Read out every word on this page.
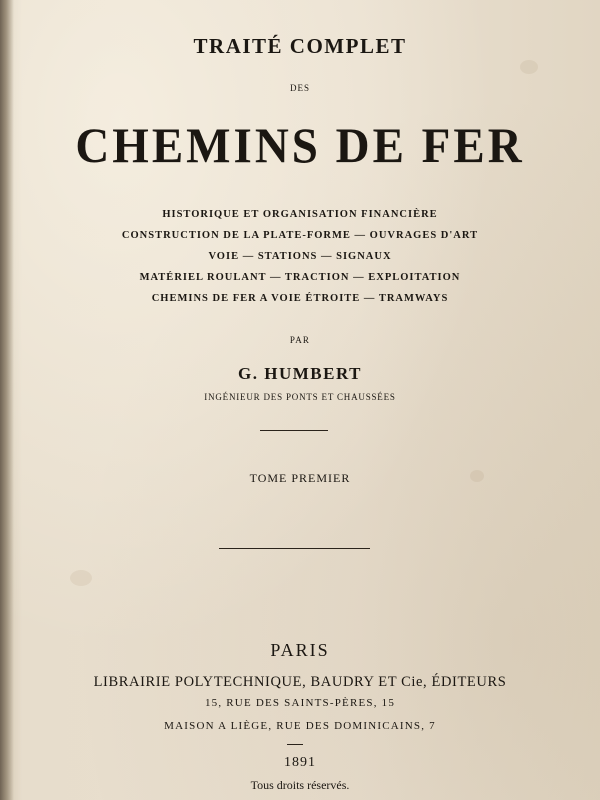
TRAITÉ COMPLET
DES
CHEMINS DE FER
HISTORIQUE ET ORGANISATION FINANCIÈRE
CONSTRUCTION DE LA PLATE-FORME — OUVRAGES D'ART
VOIE — STATIONS — SIGNAUX
MATÉRIEL ROULANT — TRACTION — EXPLOITATION
CHEMINS DE FER A VOIE ÉTROITE — TRAMWAYS
PAR
G. HUMBERT
INGÉNIEUR DES PONTS ET CHAUSSÉES
TOME PREMIER
PARIS
LIBRAIRIE POLYTECHNIQUE, BAUDRY ET Cie, ÉDITEURS
15, RUE DES SAINTS-PÈRES, 15
MAISON A LIÈGE, RUE DES DOMINICAINS, 7
1891
Tous droits réservés.
